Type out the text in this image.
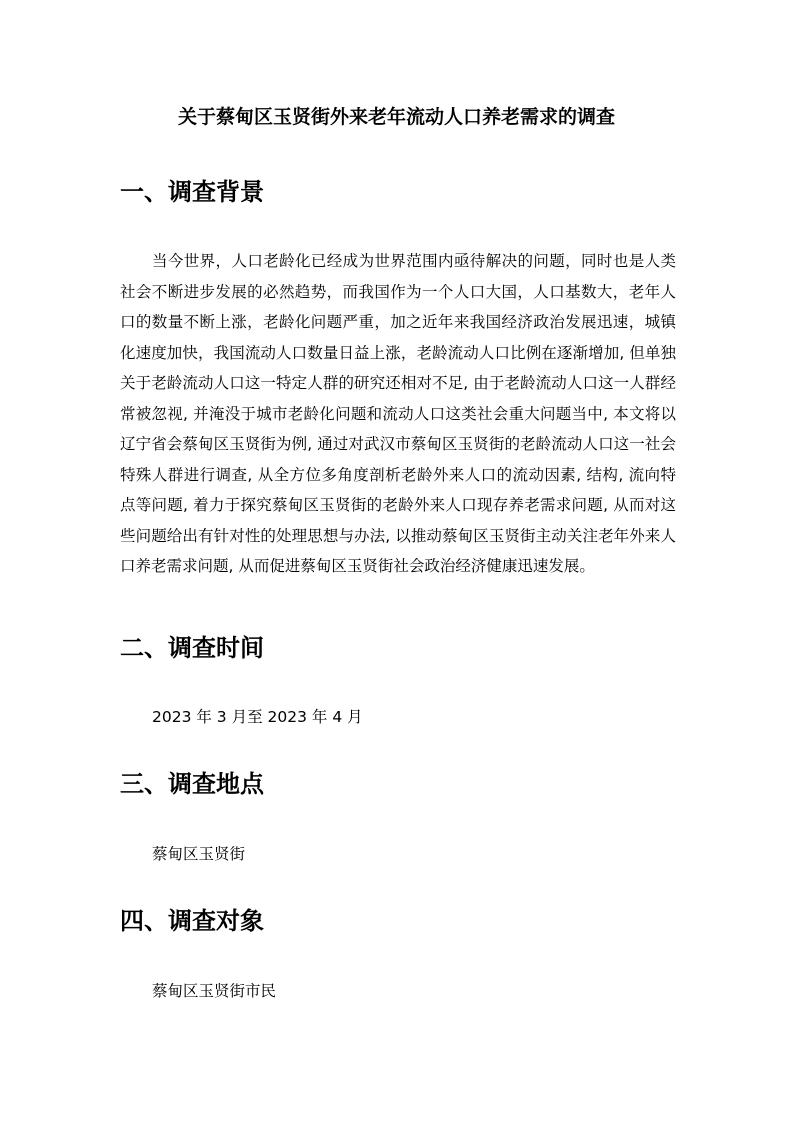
关于蔡甸区玉贤街外来老年流动人口养老需求的调查
一、调查背景

当今世界，人口老龄化已经成为世界范围内亟待解决的问题，同时也是人类社会不断进步发展的必然趋势，而我国作为一个人口大国，人口基数大，老年人口的数量不断上涨，老龄化问题严重，加之近年来我国经济政治发展迅速，城镇化速度加快，我国流动人口数量日益上涨，老龄流动人口比例在逐渐增加, 但单独关于老龄流动人口这一特定人群的研究还相对不足, 由于老龄流动人口这一人群经常被忽视, 并淹没于城市老龄化问题和流动人口这类社会重大问题当中, 本文将以辽宁省会蔡甸区玉贤街为例, 通过对武汉市蔡甸区玉贤街的老龄流动人口这一社会特殊人群进行调查, 从全方位多角度剖析老龄外来人口的流动因素, 结构, 流向特点等问题, 着力于探究蔡甸区玉贤街的老龄外来人口现存养老需求问题, 从而对这些问题给出有针对性的处理思想与办法, 以推动蔡甸区玉贤街主动关注老年外来人口养老需求问题, 从而促进蔡甸区玉贤街社会政治经济健康迅速发展。

二、调查时间

2023 年 3 月至 2023 年 4 月

三、调查地点

蔡甸区玉贤街

四、调查对象

蔡甸区玉贤街市民
